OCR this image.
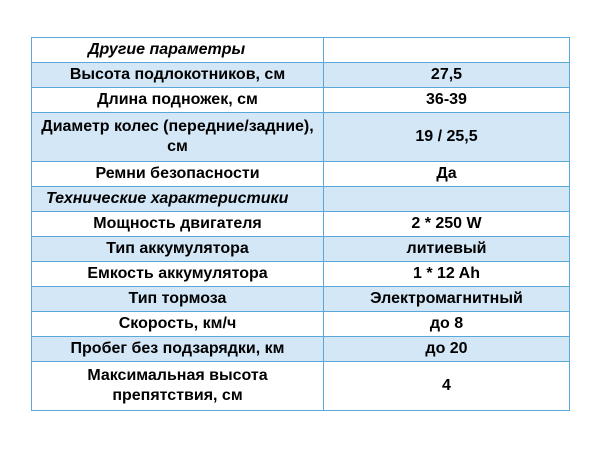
Другие параметры	
Высота подлокотников, см	27,5
Длина подножек, см	36-39
Диаметр колес (передние/задние), см	19 / 25,5
Ремни безопасности	Да
Технические характеристики	
Мощность двигателя	2 * 250 W
Тип аккумулятора	литиевый
Емкость аккумулятора	1 * 12 Ah
Тип тормоза	Электромагнитный
Скорость, км/ч	до 8
Пробег без подзарядки, км	до 20
Максимальная высота препятствия, см	4
